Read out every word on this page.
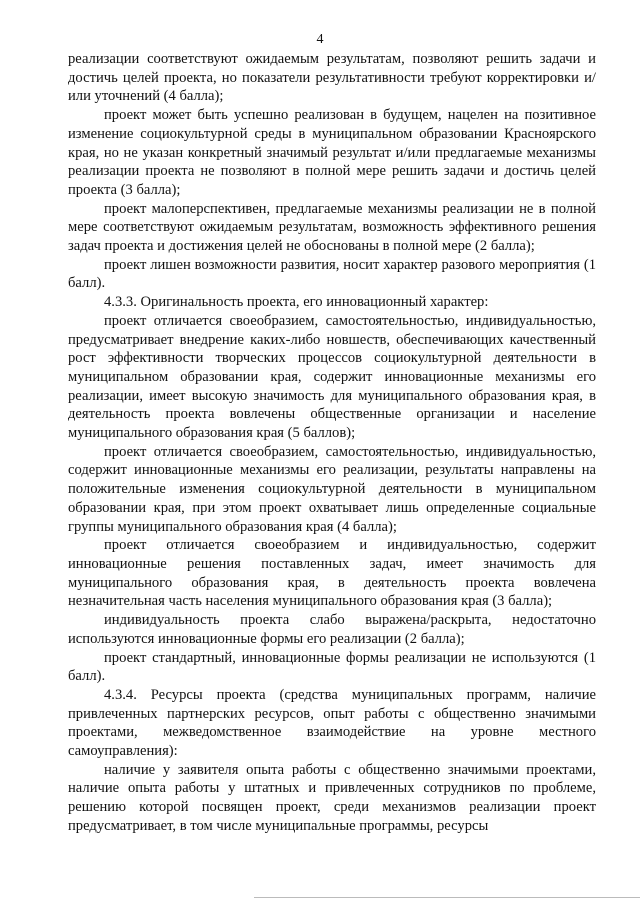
4

реализации соответствуют ожидаемым результатам, позволяют решить задачи и достичь целей проекта, но показатели результативности требуют корректировки и/или уточнений (4 балла);

проект может быть успешно реализован в будущем, нацелен на позитивное изменение социокультурной среды в муниципальном образовании Красноярского края, но не указан конкретный значимый результат и/или предлагаемые механизмы реализации проекта не позволяют в полной мере решить задачи и достичь целей проекта (3 балла);

проект малоперспективен, предлагаемые механизмы реализации не в полной мере соответствуют ожидаемым результатам, возможность эффективного решения задач проекта и достижения целей не обоснованы в полной мере (2 балла);

проект лишен возможности развития, носит характер разового мероприятия (1 балл).

4.3.3. Оригинальность проекта, его инновационный характер:

проект отличается своеобразием, самостоятельностью, индивидуальностью, предусматривает внедрение каких-либо новшеств, обеспечивающих качественный рост эффективности творческих процессов социокультурной деятельности в муниципальном образовании края, содержит инновационные механизмы его реализации, имеет высокую значимость для муниципального образования края, в деятельность проекта вовлечены общественные организации и население муниципального образования края (5 баллов);

проект отличается своеобразием, самостоятельностью, индивидуальностью, содержит инновационные механизмы его реализации, результаты направлены на положительные изменения социокультурной деятельности в муниципальном образовании края, при этом проект охватывает лишь определенные социальные группы муниципального образования края (4 балла);

проект отличается своеобразием и индивидуальностью, содержит инновационные решения поставленных задач, имеет значимость для муниципального образования края, в деятельность проекта вовлечена незначительная часть населения муниципального образования края (3 балла);

индивидуальность проекта слабо выражена/раскрыта, недостаточно используются инновационные формы его реализации (2 балла);

проект стандартный, инновационные формы реализации не используются (1 балл).

4.3.4. Ресурсы проекта (средства муниципальных программ, наличие привлеченных партнерских ресурсов, опыт работы с общественно значимыми проектами, межведомственное взаимодействие на уровне местного самоуправления):

наличие у заявителя опыта работы с общественно значимыми проектами, наличие опыта работы у штатных и привлеченных сотрудников по проблеме, решению которой посвящен проект, среди механизмов реализации проект предусматривает, в том числе муниципальные программы, ресурсы
